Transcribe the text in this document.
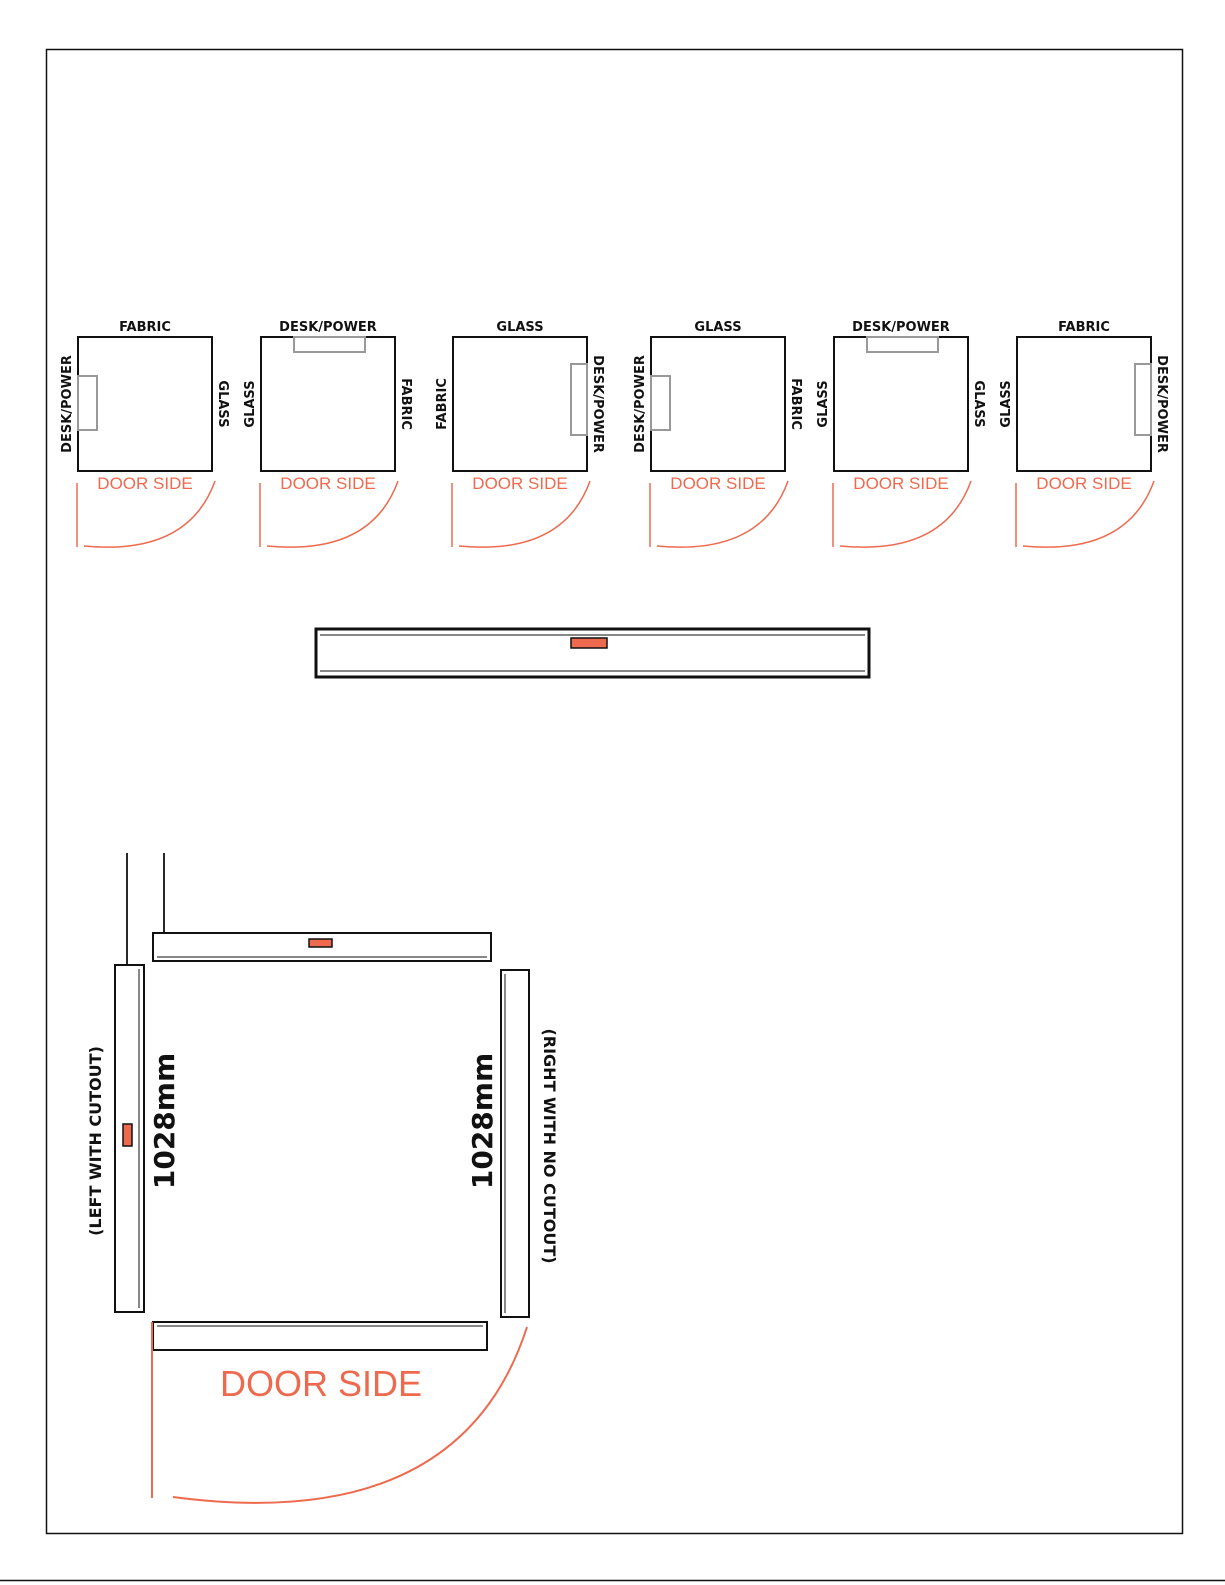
FABRIC
DESK/POWER	GLASS
DOOR SIDE
DESK/POWER
GLASS	FABRIC
DOOR SIDE
GLASS
FABRIC	DESK/POWER
DOOR SIDE
GLASS
DESK/POWER	FABRIC
DOOR SIDE
DESK/POWER
GLASS	GLASS
DOOR SIDE
FABRIC
GLASS	DESK/POWER
DOOR SIDE
DOOR SIDE
1028mm	1028mm
(LEFT WITH CUTOUT)	(RIGHT WITH NO CUTOUT)
